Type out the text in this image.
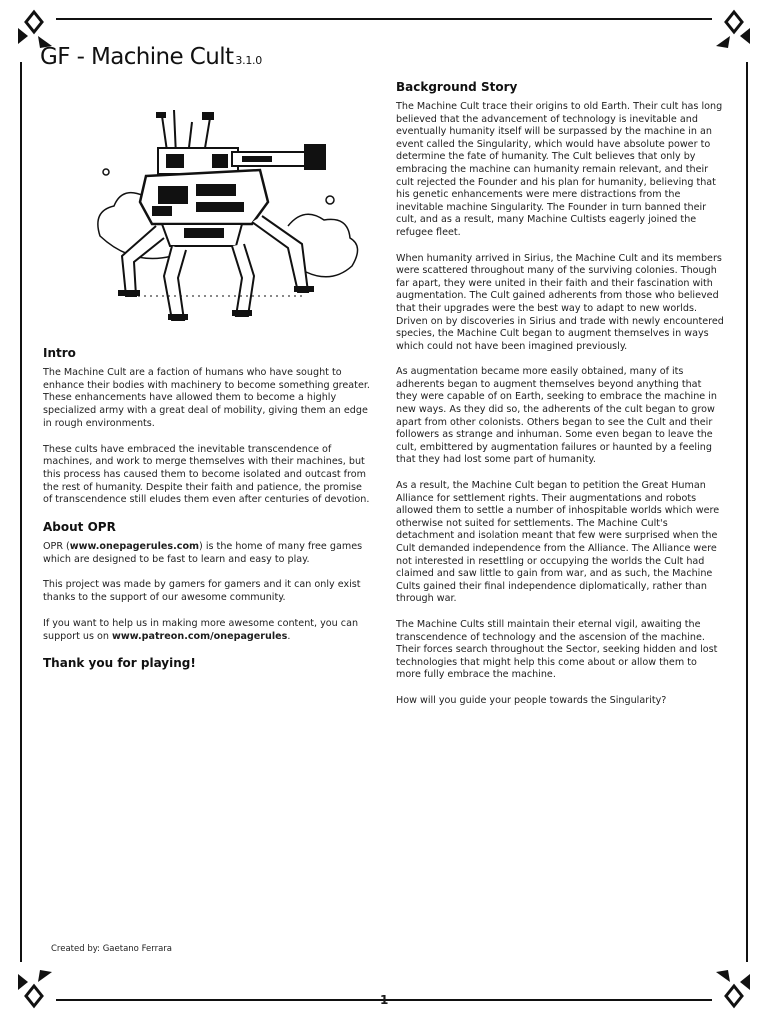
GF - Machine Cult 3.1.0
Intro

The Machine Cult are a faction of humans who have sought to enhance their bodies with machinery to become something greater. These enhancements have allowed them to become a highly specialized army with a great deal of mobility, giving them an edge in rough environments.

These cults have embraced the inevitable transcendence of machines, and work to merge themselves with their machines, but this process has caused them to become isolated and outcast from the rest of humanity. Despite their faith and patience, the promise of transcendence still eludes them even after centuries of devotion.

About OPR

OPR (www.onepagerules.com) is the home of many free games which are designed to be fast to learn and easy to play.

This project was made by gamers for gamers and it can only exist thanks to the support of our awesome community.

If you want to help us in making more awesome content, you can support us on www.patreon.com/onepagerules.

Thank you for playing!
Background Story

The Machine Cult trace their origins to old Earth. Their cult has long believed that the advancement of technology is inevitable and eventually humanity itself will be surpassed by the machine in an event called the Singularity, which would have absolute power to determine the fate of humanity. The Cult believes that only by embracing the machine can humanity remain relevant, and their cult rejected the Founder and his plan for humanity, believing that his genetic enhancements were mere distractions from the inevitable machine Singularity. The Founder in turn banned their cult, and as a result, many Machine Cultists eagerly joined the refugee fleet.

When humanity arrived in Sirius, the Machine Cult and its members were scattered throughout many of the surviving colonies. Though far apart, they were united in their faith and their fascination with augmentation. The Cult gained adherents from those who believed that their upgrades were the best way to adapt to new worlds. Driven on by discoveries in Sirius and trade with newly encountered species, the Machine Cult began to augment themselves in ways which could not have been imagined previously.

As augmentation became more easily obtained, many of its adherents began to augment themselves beyond anything that they were capable of on Earth, seeking to embrace the machine in new ways. As they did so, the adherents of the cult began to grow apart from other colonists. Others began to see the Cult and their followers as strange and inhuman. Some even began to leave the cult, embittered by augmentation failures or haunted by a feeling that they had lost some part of humanity.

As a result, the Machine Cult began to petition the Great Human Alliance for settlement rights. Their augmentations and robots allowed them to settle a number of inhospitable worlds which were otherwise not suited for settlements. The Machine Cult's detachment and isolation meant that few were surprised when the Cult demanded independence from the Alliance. The Alliance were not interested in resettling or occupying the worlds the Cult had claimed and saw little to gain from war, and as such, the Machine Cults gained their final independence diplomatically, rather than through war.

The Machine Cults still maintain their eternal vigil, awaiting the transcendence of technology and the ascension of the machine. Their forces search throughout the Sector, seeking hidden and lost technologies that might help this come about or allow them to more fully embrace the machine.

How will you guide your people towards the Singularity?

Created by: Gaetano Ferrara
1
